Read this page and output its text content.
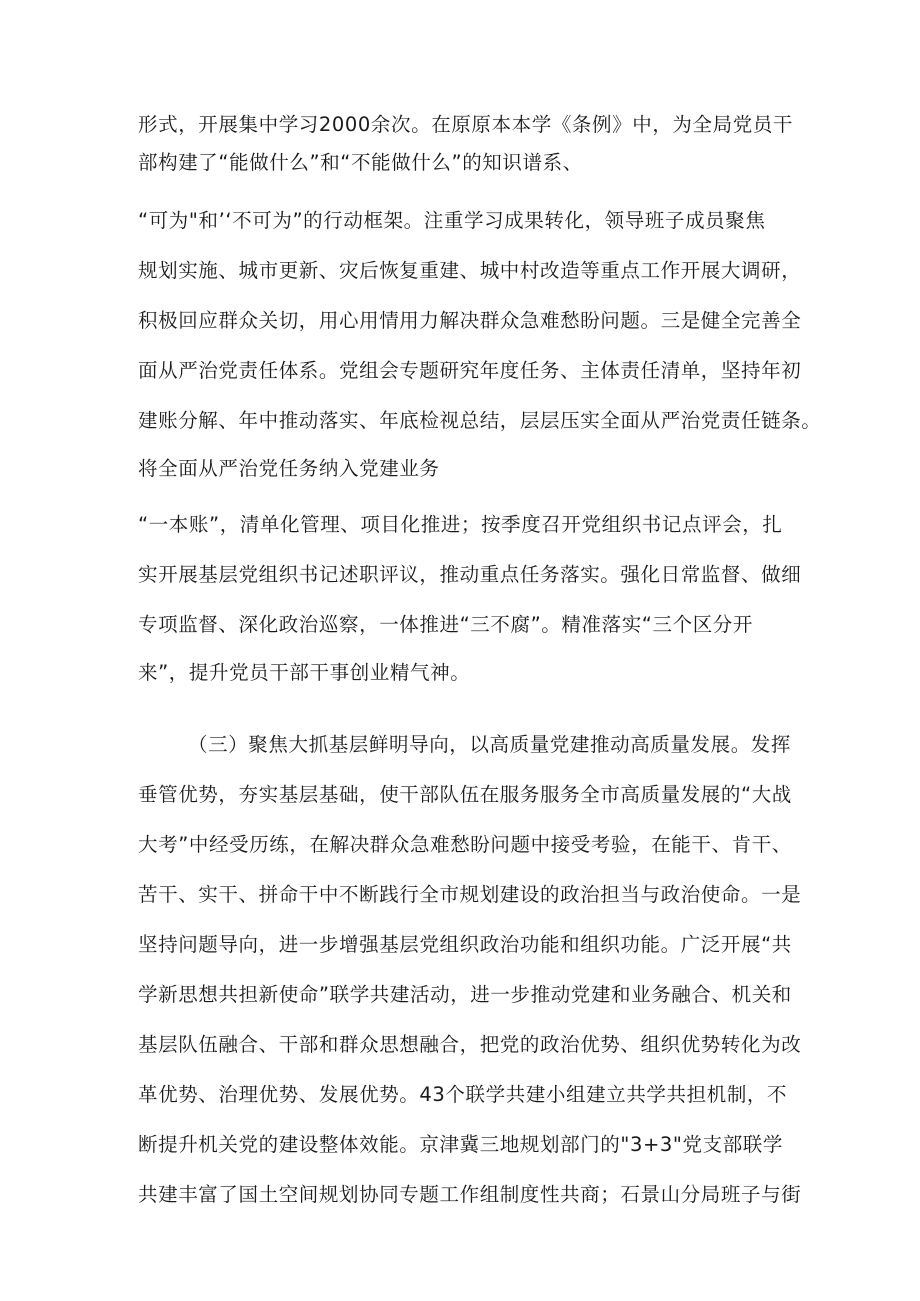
形式，开展集中学习2000余次。在原原本本学《条例》中，为全局党员干
部构建了“能做什么”和“不能做什么”的知识谱系、
“可为"和’‘不可为”的行动框架。注重学习成果转化，领导班子成员聚焦
规划实施、城市更新、灾后恢复重建、城中村改造等重点工作开展大调研，
积极回应群众关切，用心用情用力解决群众急难愁盼问题。三是健全完善全
面从严治党责任体系。党组会专题研究年度任务、主体责任清单，坚持年初
建账分解、年中推动落实、年底检视总结，层层压实全面从严治党责任链条。
将全面从严治党任务纳入党建业务
“一本账”，清单化管理、项目化推进；按季度召开党组织书记点评会，扎
实开展基层党组织书记述职评议，推动重点任务落实。强化日常监督、做细
专项监督、深化政治巡察，一体推进“三不腐”。精准落实“三个区分开
来”，提升党员干部干事创业精气神。
（三）聚焦大抓基层鲜明导向，以高质量党建推动高质量发展。发挥
垂管优势，夯实基层基础，使干部队伍在服务服务全市高质量发展的“大战
大考”中经受历练，在解决群众急难愁盼问题中接受考验，在能干、肯干、
苦干、实干、拼命干中不断践行全市规划建设的政治担当与政治使命。一是
坚持问题导向，进一步增强基层党组织政治功能和组织功能。广泛开展“共
学新思想共担新使命”联学共建活动，进一步推动党建和业务融合、机关和
基层队伍融合、干部和群众思想融合，把党的政治优势、组织优势转化为改
革优势、治理优势、发展优势。43个联学共建小组建立共学共担机制，不
断提升机关党的建设整体效能。京津冀三地规划部门的"3+3"党支部联学
共建丰富了国土空间规划协同专题工作组制度性共商；石景山分局班子与街
